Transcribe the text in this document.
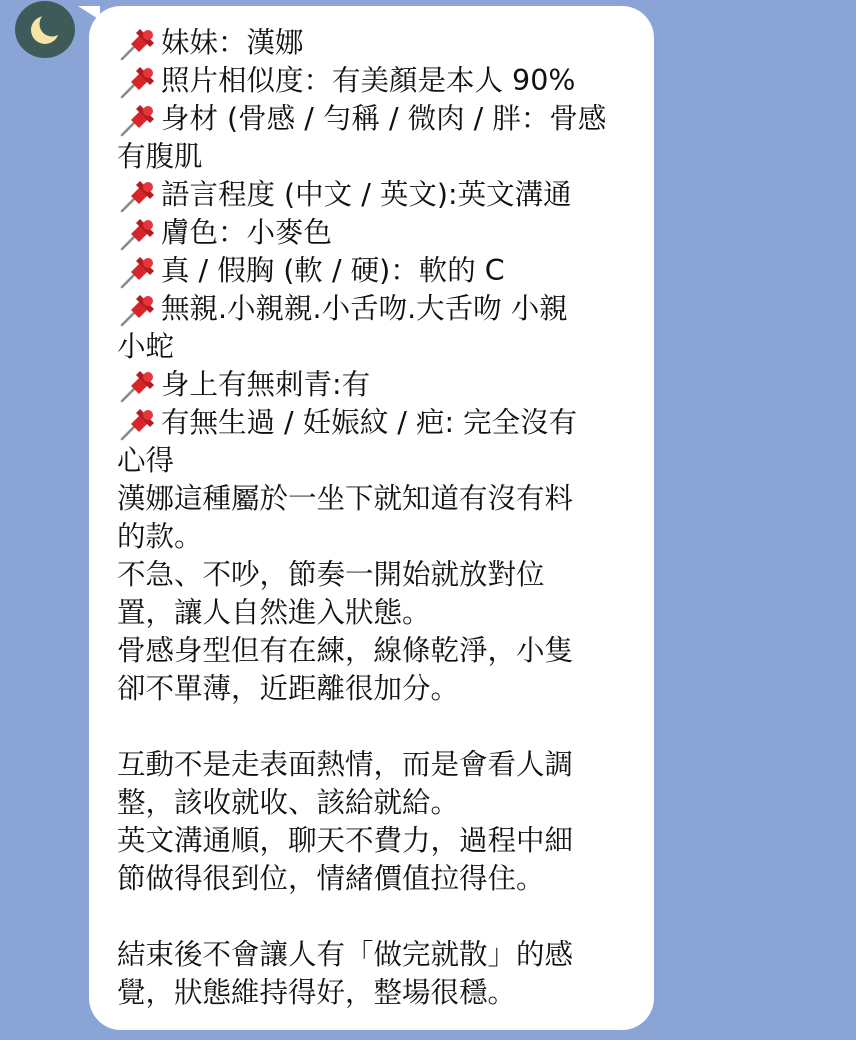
妹妹：漢娜
照片相似度：有美顏是本人 90%
身材 (骨感 / 勻稱 / 微肉 / 胖：骨感
有腹肌
語言程度 (中文 / 英文):英文溝通
膚色：小麥色
真 / 假胸 (軟 / 硬)：軟的 C
無親.小親親.小舌吻.大舌吻 小親
小蛇
身上有無刺青:有
有無生過 / 妊娠紋 / 疤: 完全沒有
心得
漢娜這種屬於一坐下就知道有沒有料
的款。
不急、不吵，節奏一開始就放對位
置，讓人自然進入狀態。
骨感身型但有在練，線條乾淨，小隻
卻不單薄，近距離很加分。
互動不是走表面熱情，而是會看人調
整，該收就收、該給就給。
英文溝通順，聊天不費力，過程中細
節做得很到位，情緒價值拉得住。
結束後不會讓人有「做完就散」的感
覺，狀態維持得好，整場很穩。
